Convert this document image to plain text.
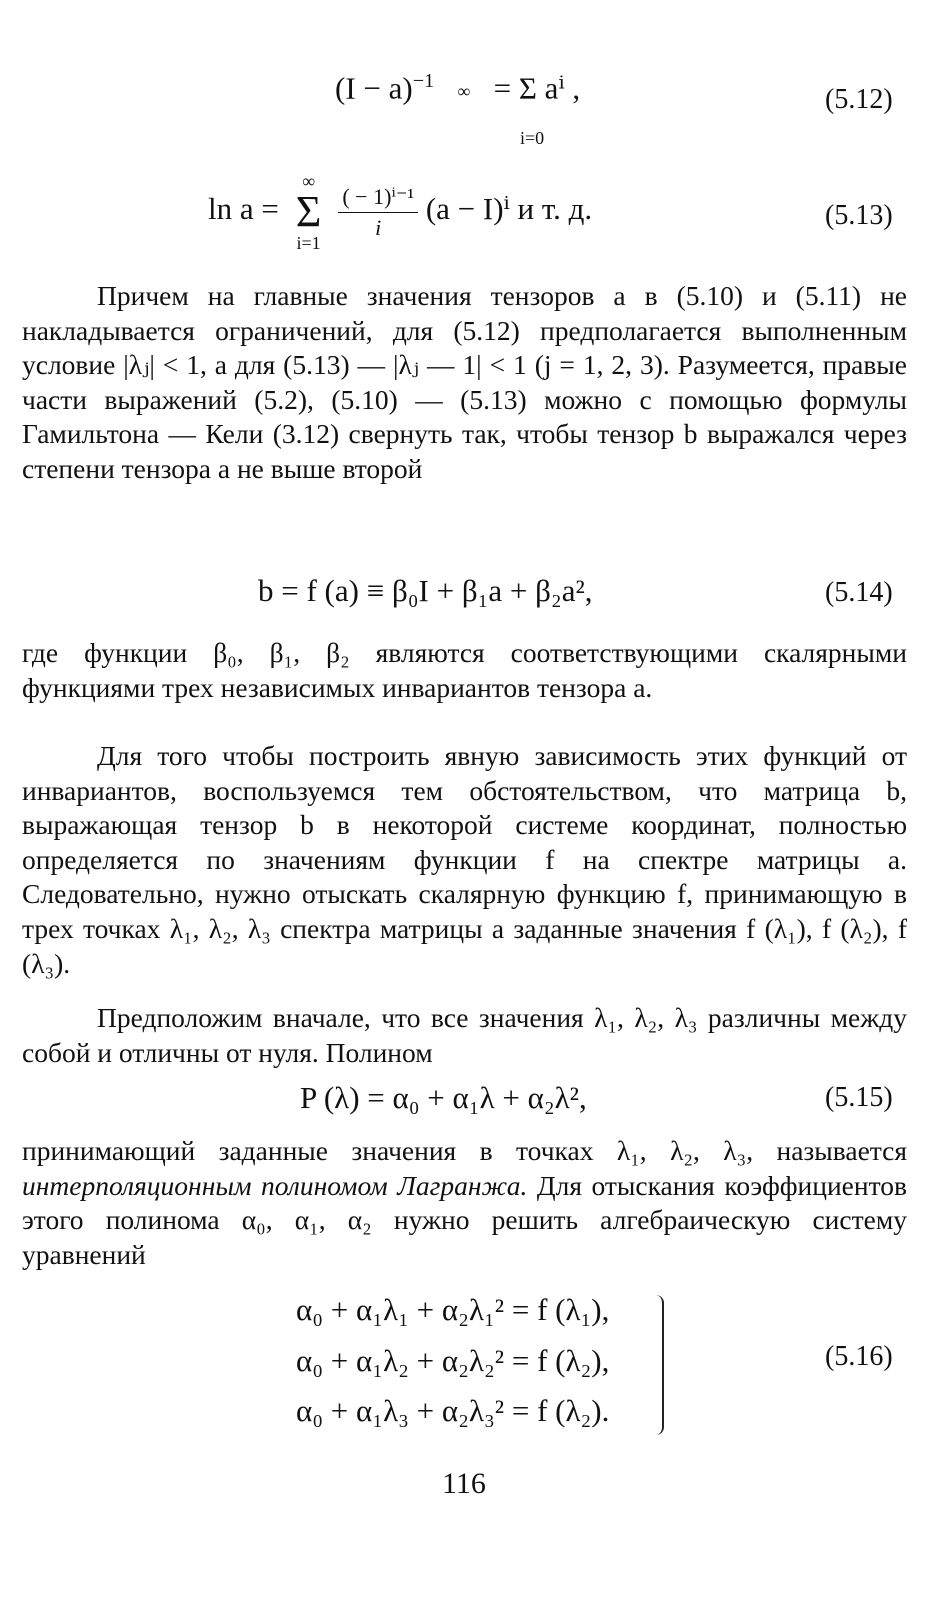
$(I - a)^{-1}$	∞ = Σ aⁱ ,
i=0
(5.12)
ln a =
∞
Σ
i=1

$\frac{\text{( − 1)ⁱ⁻¹}}{i} (a - I)^i$ и т. д.	(5.13)
Причем на главные значения тензоров a в (5.10) и (5.11) не накладывается ограничений, для (5.12) предполагается выполненным условие |λⱼ| < 1, а для (5.13) — |λⱼ — 1| < 1 (j = 1, 2, 3). Разумеется, правые части выражений (5.2), (5.10) — (5.13) можно с помощью формулы Гамильтона — Кели (3.12) свернуть так, чтобы тензор b выражался через степени тензора a не выше второй
b = f (a) ≡ β₀Ι + β₁a + β₂a²,	(5.14)
где функции β₀, β₁, β₂ являются соответствующими скалярными функциями трех независимых инвариантов тензора a.
Для того чтобы построить явную зависимость этих функций от инвариантов, воспользуемся тем обстоятельством, что матрица b, выражающая тензор b в некоторой системе координат, полностью определяется по значениям функции f на спектре матрицы a. Следовательно, нужно отыскать скалярную функцию f, принимающую в трех точках λ₁, λ₂, λ₃ спектра матрицы a заданные значения f (λ₁), f (λ₂), f (λ₃).
Предположим вначале, что все значения λ₁, λ₂, λ₃ различны между собой и отличны от нуля. Полином
P (λ) = α₀ + α₁λ + α₂λ²,	(5.15)
принимающий заданные значения в точках λ₁, λ₂, λ₃, называется интерполяционным полиномом Лагранжа. Для отыскания коэффициентов этого полинома α₀, α₁, α₂ нужно решить алгебраическую систему уравнений
α₀ + α₁λ₁ + α₂λ₁² = f (λ₁),
α₀ + α₁λ₂ + α₂λ₂² = f (λ₂),
α₀ + α₁λ₃ + α₂λ₃² = f (λ₂).
(5.16)
116
